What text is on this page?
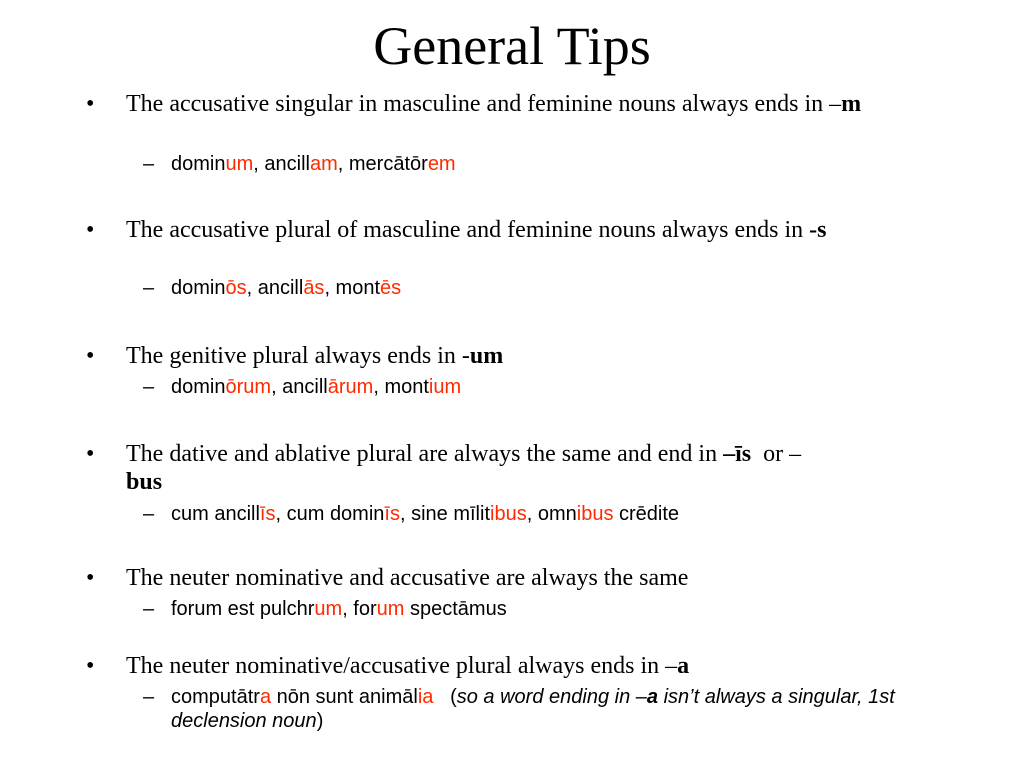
General Tips
• The accusative singular in masculine and feminine nouns always ends in –m
– dominum, ancillam, mercātōrem
• The accusative plural of masculine and feminine nouns always ends in -s
– dominōs, ancillās, montēs
• The genitive plural always ends in -um
– dominōrum, ancillārum, montium
• The dative and ablative plural are always the same and end in –īs  or –
bus
– cum ancillīs, cum dominīs, sine mīlitibus, omnibus crēdite
• The neuter nominative and accusative are always the same
– forum est pulchrum, forum spectāmus
• The neuter nominative/accusative plural always ends in –a
– computātra nōn sunt animālia   (so a word ending in –a isn’t always a singular, 1st declension noun)
